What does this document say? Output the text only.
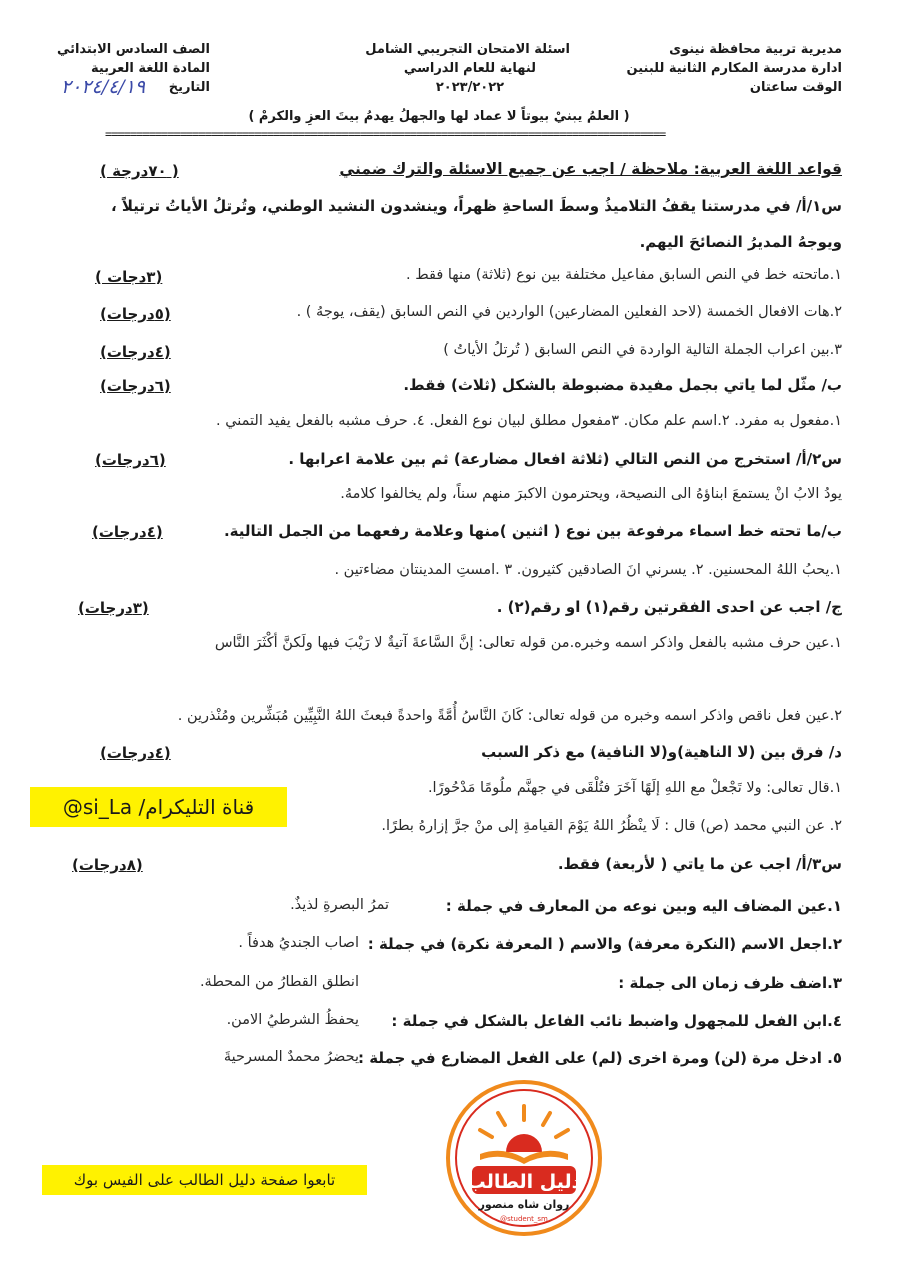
مديرية تربية محافظة نينوى
ادارة مدرسة المكارم الثانية للبنين
الوقت ساعتان
اسئلة الامتحان التجريبي الشامل
لنهاية للعام الدراسي
٢٠٢٣/٢٠٢٢
الصف السادس الابتدائي
المادة اللغة العربية
التاريخ
٢٠٢٤/٤/١٩
( العلمُ يبنيْ بيوتاً لا عماد لها والجهلُ يهدمُ بيتَ العزِ والكرمْ )
==========================================================================================
قواعد اللغة العربية: ملاحظة / اجب عن جميع الاسئلة والترك ضمني
( ٧٠درجة )
س١/أ/ في مدرستنا يقفُ التلاميذُ وسطَ الساحةِ ظهراً، وينشدون النشيد الوطني، وتُرتلُ الأياتُ ترتيلاً ،
ويوجهُ المديرُ النصائحَ اليهم.
١.ماتحته خط في النص السابق مفاعيل مختلفة بين نوع (ثلاثة) منها فقط .
(٣دجات )
٢.هات الافعال الخمسة (لاحد الفعلين المضارعين) الواردين في النص السابق (يقف، يوجهُ ) .
(٥درجات)
٣.بين اعراب الجملة التالية الواردة في النص السابق ( تُرتلُ الأياتُ )
(٤درجات)
ب/ مثّل لما ياتي بجمل مفيدة مضبوطة بالشكل (ثلاث) فقط.
(٦درجات)
١.مفعول به مفرد. ٢.اسم علم مكان. ٣مفعول مطلق لبيان نوع الفعل. ٤. حرف مشبه بالفعل يفيد التمني .
س٢/أ/ استخرج من النص التالي (ثلاثة افعال مضارعة) ثم بين علامة اعرابها .
(٦درجات)
يودُ الابُ انْ يستمعَ ابناؤهُ الى النصيحة، ويحترمون الاكبرَ منهم سناً، ولم يخالفوا كلامهُ.
ب/ما تحته خط اسماء مرفوعة بين نوع ( اثنين )منها وعلامة رفعهما من الجمل التالية.
(٤درجات)
١.يحبُ اللهُ المحسنين. ٢. يسرني انَ الصادقين كثيرون. ٣ .امستِ المدينتان مضاءتين .
ج/ اجب عن احدى الفقرتين رقم(١) او رقم(٢) .
(٣درجات)
١.عين حرف مشبه بالفعل واذكر اسمه وخبره.من قوله تعالى: إنَّ السَّاعةَ آتيةٌ لا رَيْبَ فيها ولَكنَّ أكْثَرَ النَّاس
٢.عين فعل ناقص واذكر اسمه وخبره من قوله تعالى: كَانَ النَّاسُ أُمَّةً واحدةً فبعثَ اللهُ النَّبِيِّين مُبَشِّرين ومُنْذرين .
د/ فرق بين (لا الناهية)و(لا النافية) مع ذكر السبب
(٤درجات)
١.قال تعالى: ولا تَجْعلْ مع اللهِ إلَهًا آخَرَ فتُلْقَى في جهنَّم ملُومًا مَدْحُورًا.
٢. عن النبي محمد (ص) قال : لَا ينْظُرُ اللهُ يَوْمَ القيامةِ إلى منْ جرَّ إزارهُ بطرًا.
قناة التليكرام/ si_La@
س٣/أ/ اجب عن ما ياتي ( لأربعة) فقط.
(٨درجات)
١.عين المضاف اليه وبين نوعه من المعارف في جملة :
تمرُ البصرةِ لذيذٌ.
٢.اجعل الاسم (النكرة معرفة) والاسم ( المعرفة نكرة) في جملة :
اصاب الجنديُ هدفاً .
٣.اضف ظرف زمان الى جملة :
انطلق القطارُ من المحطة.
٤.ابن الفعل للمجهول واضبط نائب الفاعل بالشكل في جملة :
يحفظُ الشرطيُ الامن.
٥. ادخل مرة (لن) ومرة اخرى (لم) على الفعل المضارع في جملة :
يحضرُ محمدٌ المسرحيةَ
تابعوا صفحة دليل الطالب على الفيس بوك	دليل الطالب
روان شاه منصور
@student_sm
